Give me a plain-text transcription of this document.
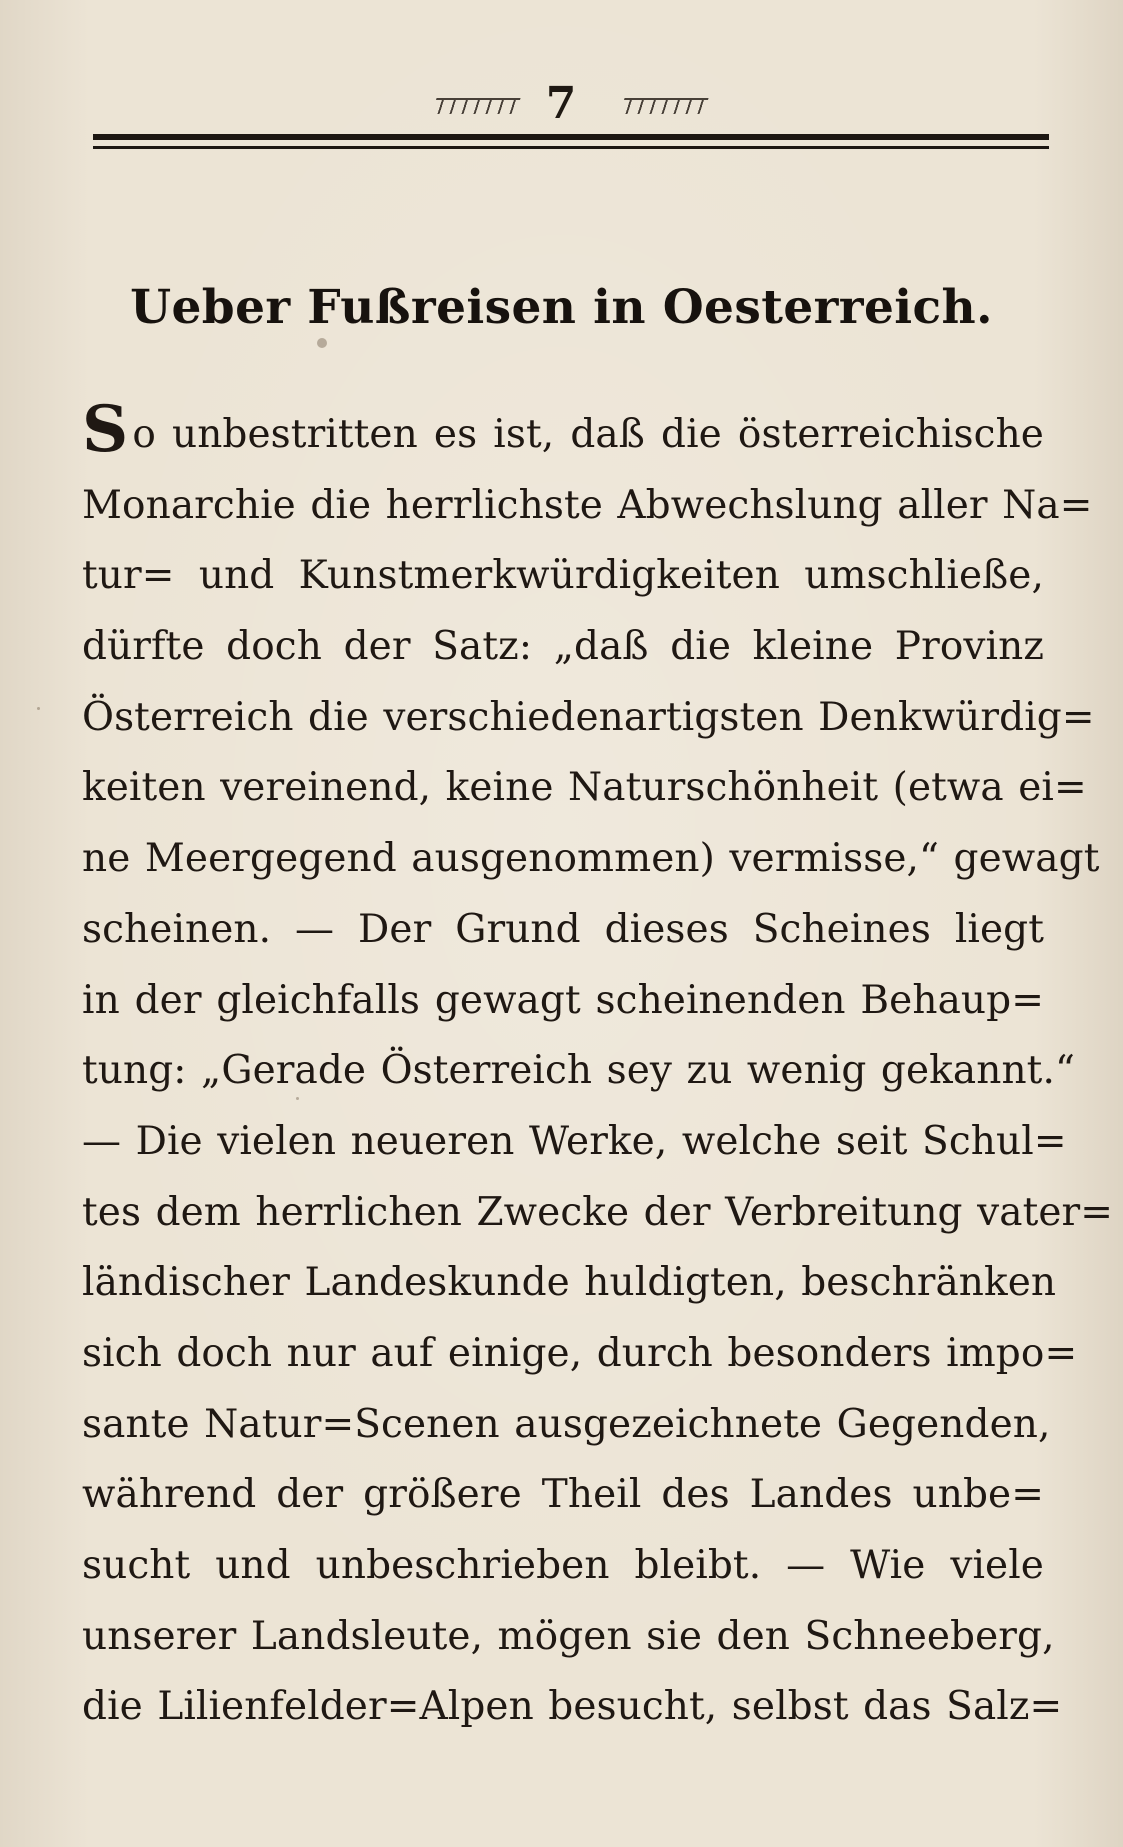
7
Ueber Fußreisen in Oesterreich.
So unbestritten es ist, daß die österreichische
Monarchie die herrlichste Abwechslung aller Na=
tur= und Kunstmerkwürdigkeiten umschließe,
dürfte doch der Satz: „daß die kleine Provinz
Österreich die verschiedenartigsten Denkwürdig=
keiten vereinend, keine Naturschönheit (etwa ei=
ne Meergegend ausgenommen) vermisse,“ gewagt
scheinen. — Der Grund dieses Scheines liegt
in der gleichfalls gewagt scheinenden Behaup=
tung: „Gerade Österreich sey zu wenig gekannt.“
— Die vielen neueren Werke, welche seit Schul=
tes dem herrlichen Zwecke der Verbreitung vater=
ländischer Landeskunde huldigten, beschränken
sich doch nur auf einige, durch besonders impo=
sante Natur=Scenen ausgezeichnete Gegenden,
während der größere Theil des Landes unbe=
sucht und unbeschrieben bleibt. — Wie viele
unserer Landsleute, mögen sie den Schneeberg,
die Lilienfelder=Alpen besucht, selbst das Salz=
